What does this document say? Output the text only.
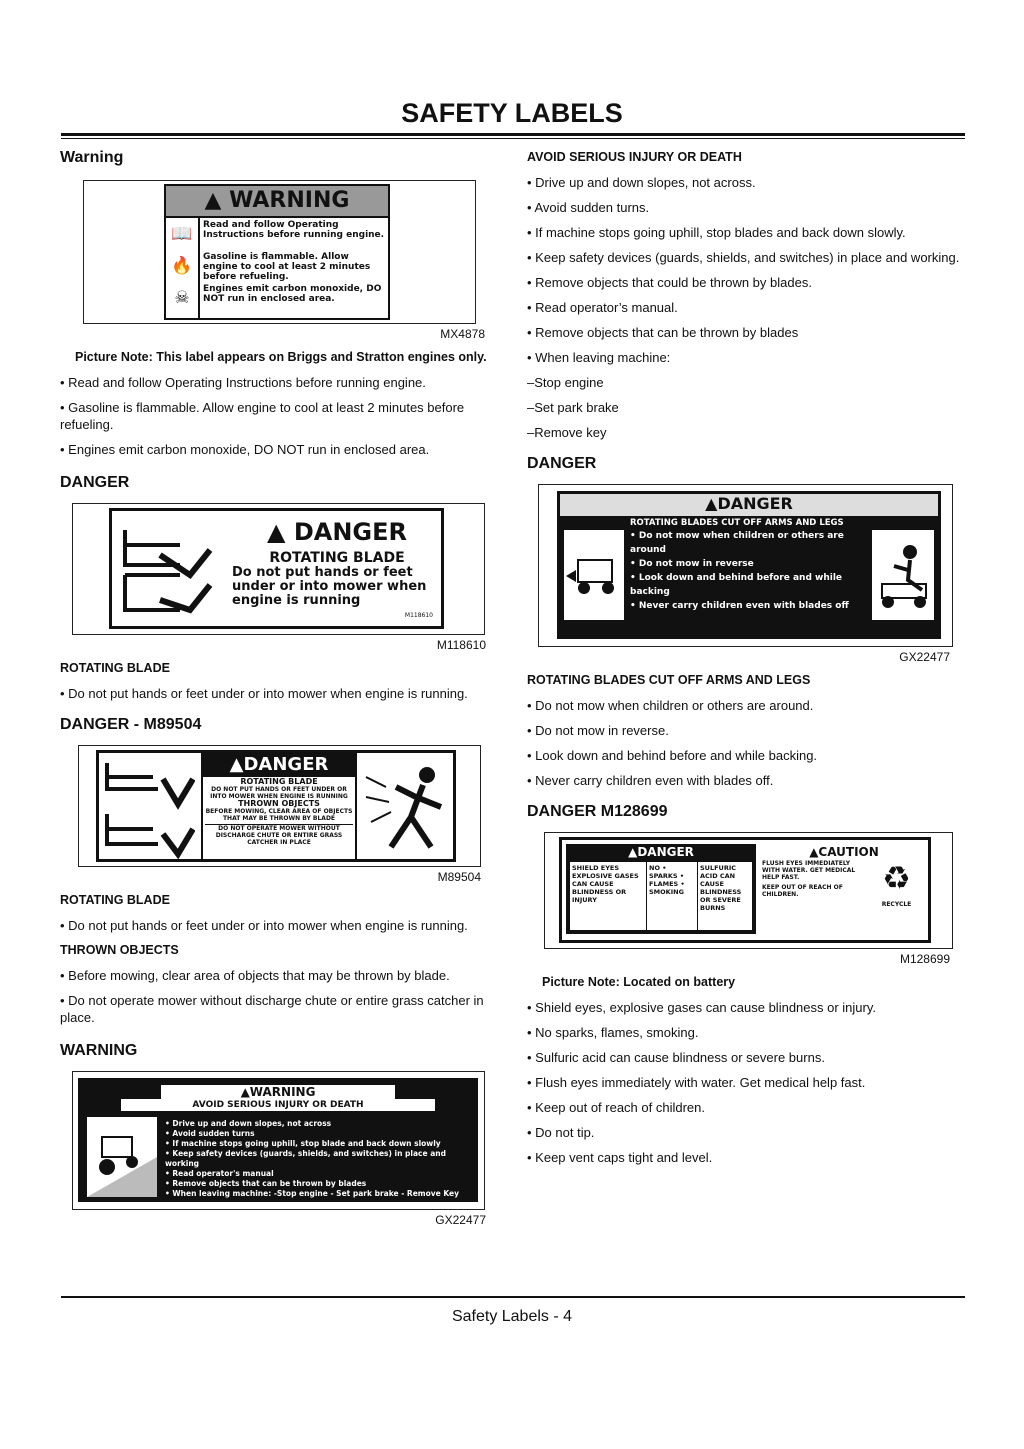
SAFETY LABELS
Warning
▲ WARNING
📖
🔥
☠
Read and follow Operating Instructions before running engine.
Gasoline is flammable. Allow engine to cool at least 2 minutes before refueling.
Engines emit carbon monoxide, DO NOT run in enclosed area.
MX4878

Picture Note: This label appears on Briggs and Stratton engines only.

• Read and follow Operating Instructions before running engine.

• Gasoline is flammable. Allow engine to cool at least 2 minutes before refueling.

• Engines emit carbon monoxide, DO NOT run in enclosed area.

DANGER
▲ DANGER
ROTATING BLADE
Do not put hands or feet under or into mower when engine is running
M118610
M118610

ROTATING BLADE

• Do not put hands or feet under or into mower when engine is running.

DANGER - M89504
▲DANGER
ROTATING BLADE
DO NOT PUT HANDS OR FEET UNDER OR INTO MOWER WHEN ENGINE IS RUNNING
THROWN OBJECTS
BEFORE MOWING, CLEAR AREA OF OBJECTS THAT MAY BE THROWN BY BLADE
DO NOT OPERATE MOWER WITHOUT DISCHARGE CHUTE OR ENTIRE GRASS CATCHER IN PLACE
M89504

ROTATING BLADE

• Do not put hands or feet under or into mower when engine is running.

THROWN OBJECTS

• Before mowing, clear area of objects that may be thrown by blade.

• Do not operate mower without discharge chute or entire grass catcher in place.

WARNING
▲WARNING
AVOID SERIOUS INJURY OR DEATH
• Drive up and down slopes, not across
• Avoid sudden turns
• If machine stops going uphill, stop blade and back down slowly
• Keep safety devices (guards, shields, and switches) in place and working
• Read operator's manual
• Remove objects that can be thrown by blades
• When leaving machine: -Stop engine - Set park brake - Remove Key
GX22477

AVOID SERIOUS INJURY OR DEATH

• Drive up and down slopes, not across.

• Avoid sudden turns.

• If machine stops going uphill, stop blades and back down slowly.

• Keep safety devices (guards, shields, and switches) in place and working.

• Remove objects that could be thrown by blades.

• Read operator’s manual.

• Remove objects that can be thrown by blades

• When leaving machine:

–Stop engine

–Set park brake

–Remove key

DANGER
▲DANGER
ROTATING BLADES CUT OFF ARMS AND LEGS
• Do not mow when children or others are around
• Do not mow in reverse
• Look down and behind before and while backing
• Never carry children even with blades off
GX22477

ROTATING BLADES CUT OFF ARMS AND LEGS

• Do not mow when children or others are around.

• Do not mow in reverse.

• Look down and behind before and while backing.

• Never carry children even with blades off.

DANGER M128699
▲DANGER
SHIELD EYES EXPLOSIVE GASES CAN CAUSE BLINDNESS OR INJURY
NO • SPARKS • FLAMES • SMOKING
SULFURIC ACID CAN CAUSE BLINDNESS OR SEVERE BURNS
▲CAUTION
FLUSH EYES IMMEDIATELY WITH WATER. GET MEDICAL HELP FAST.
KEEP OUT OF REACH OF CHILDREN.	♻
RECYCLE
M128699

Picture Note: Located on battery

• Shield eyes, explosive gases can cause blindness or injury.

• No sparks, flames, smoking.

• Sulfuric acid can cause blindness or severe burns.

• Flush eyes immediately with water. Get medical help fast.

• Keep out of reach of children.

• Do not tip.

• Keep vent caps tight and level.

Safety Labels - 4
